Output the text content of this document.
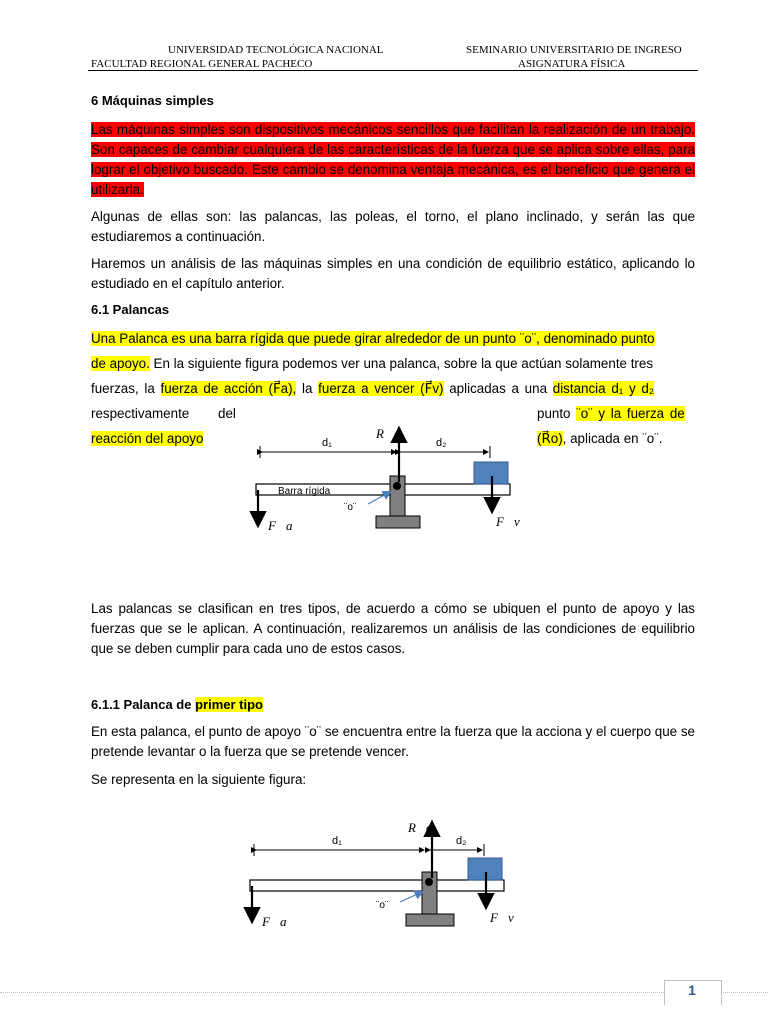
UNIVERSIDAD TECNOLÓGICA NACIONAL
FACULTAD REGIONAL GENERAL PACHECO
SEMINARIO UNIVERSITARIO DE INGRESO
ASIGNATURA FÍSICA
6 Máquinas simples
Las máquinas simples son dispositivos mecánicos sencillos que facilitan la realización de un trabajo. Son capaces de cambiar cualquiera de las características de la fuerza que se aplica sobre ellas, para lograr el objetivo buscado. Este cambio se denomina ventaja mecánica, es el beneficio que genera el utilizarla.
Algunas de ellas son: las palancas, las poleas, el torno, el plano inclinado, y serán las que estudiaremos a continuación.
Haremos un análisis de las máquinas simples en una condición de equilibrio estático, aplicando lo estudiado en el capítulo anterior.
6.1 Palancas
Una Palanca es una barra rígida que puede girar alrededor de un punto ¨o¨, denominado punto
de apoyo. En la siguiente figura podemos ver una palanca, sobre la que actúan solamente tres
fuerzas, la fuerza de acción (F⃗a), la fuerza a vencer (F⃗v) aplicadas a una distancia d₁ y d₂
respectivamente del	punto ¨o¨ y la fuerza de
reacción del apoyo	(R⃗o), aplicada en ¨o¨.
d₁	d₂
R⃗o
F⃗a	F⃗v
Barra rígida
¨o¨
Las palancas se clasifican en tres tipos, de acuerdo a cómo se ubiquen el punto de apoyo y las fuerzas que se le aplican. A continuación, realizaremos un análisis de las condiciones de equilibrio que se deben cumplir para cada uno de estos casos.
6.1.1 Palanca de primer tipo
En esta palanca, el punto de apoyo ¨o¨ se encuentra entre la fuerza que la acciona y el cuerpo que se pretende levantar o la fuerza que se pretende vencer.
Se representa en la siguiente figura:
d₁	d₂
R⃗o
F⃗a	F⃗v
¨o¨
1
